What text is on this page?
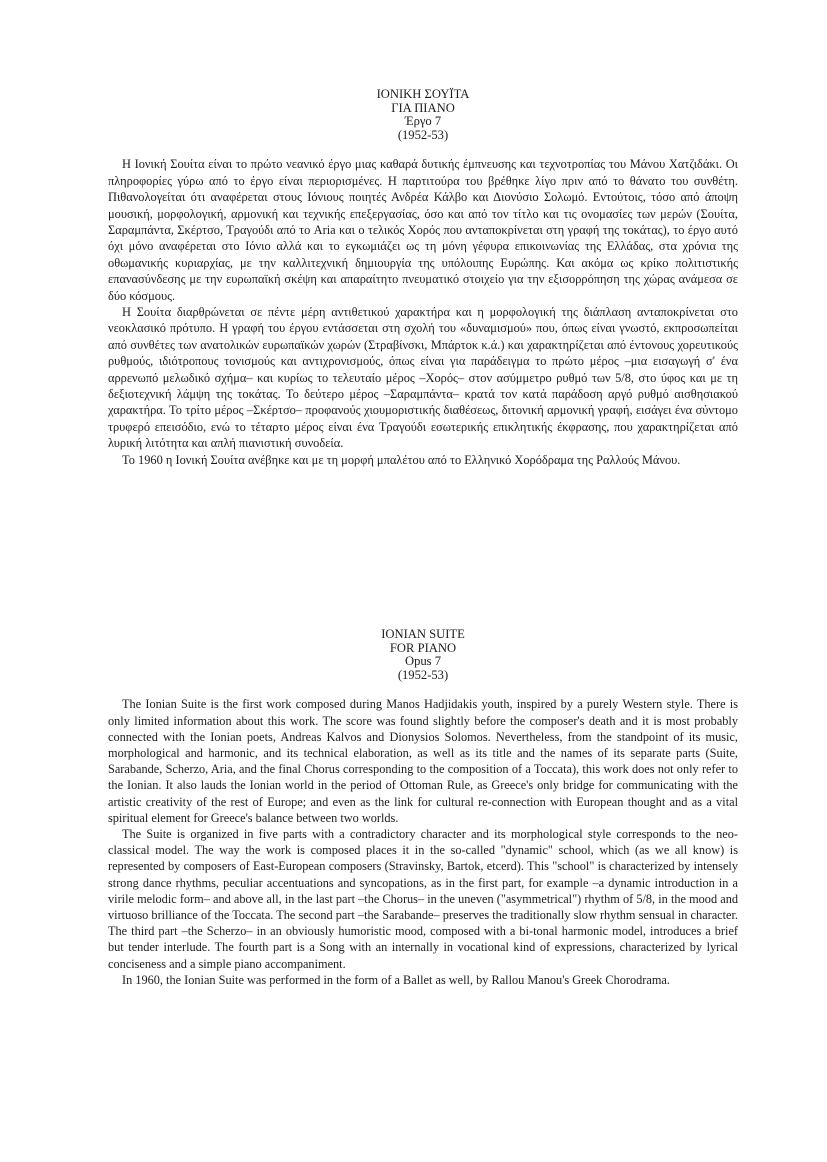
ΙΟΝΙΚΗ ΣΟΥΪΤΑ
ΓΙΑ ΠΙΑΝΟ
Έργο 7
(1952-53)

Η Ιονική Σουίτα είναι το πρώτο νεανικό έργο μιας καθαρά δυτικής έμπνευσης και τεχνοτροπίας του Μάνου Χατζιδάκι. Οι πληροφορίες γύρω από το έργο είναι περιορισμένες. Η παρτιτούρα του βρέθηκε λίγο πριν από το θάνατο του συνθέτη. Πιθανολογείται ότι αναφέρεται στους Ιόνιους ποιητές Ανδρέα Κάλβο και Διονύσιο Σολωμό. Εντούτοις, τόσο από άποψη μουσική, μορφολογική, αρμονική και τεχνικής επεξεργασίας, όσο και από τον τίτλο και τις ονομασίες των μερών (Σουίτα, Σαραμπάντα, Σκέρτσο, Τραγούδι από το Aria και ο τελικός Χορός που ανταποκρίνεται στη γραφή της τοκάτας), το έργο αυτό όχι μόνο αναφέρεται στο Ιόνιο αλλά και το εγκωμιάζει ως τη μόνη γέφυρα επικοινωνίας της Ελλάδας, στα χρόνια της οθωμανικής κυριαρχίας, με την καλλιτεχνική δημιουργία της υπόλοιπης Ευρώπης. Και ακόμα ως κρίκο πολιτιστικής επανασύνδεσης με την ευρωπαϊκή σκέψη και απαραίτητο πνευματικό στοιχείο για την εξισορρόπηση της χώρας ανάμεσα σε δύο κόσμους.

Η Σουίτα διαρθρώνεται σε πέντε μέρη αντιθετικού χαρακτήρα και η μορφολογική της διάπλαση ανταποκρίνεται στο νεοκλασικό πρότυπο. Η γραφή του έργου εντάσσεται στη σχολή του «δυναμισμού» που, όπως είναι γνωστό, εκπροσωπείται από συνθέτες των ανατολικών ευρωπαϊκών χωρών (Στραβίνσκι, Μπάρτοκ κ.ά.) και χαρακτηρίζεται από έντονους χορευτικούς ρυθμούς, ιδιότροπους τονισμούς και αντιχρονισμούς, όπως είναι για παράδειγμα το πρώτο μέρος –μια εισαγωγή σ' ένα αρρενωπό μελωδικό σχήμα– και κυρίως το τελευταίο μέρος –Χορός– στον ασύμμετρο ρυθμό των 5/8, στο ύφος και με τη δεξιοτεχνική λάμψη της τοκάτας. Το δεύτερο μέρος –Σαραμπάντα– κρατά τον κατά παράδοση αργό ρυθμό αισθησιακού χαρακτήρα. Το τρίτο μέρος –Σκέρτσο– προφανούς χιουμοριστικής διαθέσεως, διτονική αρμονική γραφή, εισάγει ένα σύντομο τρυφερό επεισόδιο, ενώ το τέταρτο μέρος είναι ένα Τραγούδι εσωτερικής επικλητικής έκφρασης, που χαρακτηρίζεται από λυρική λιτότητα και απλή πιανιστική συνοδεία.

Το 1960 η Ιονική Σουίτα ανέβηκε και με τη μορφή μπαλέτου από το Ελληνικό Χορόδραμα της Ραλλούς Μάνου.

IONIAN SUITE
FOR PIANO
Opus 7
(1952-53)

The Ionian Suite is the first work composed during Manos Hadjidakis youth, inspired by a purely Western style. There is only limited information about this work. The score was found slightly before the composer's death and it is most probably connected with the Ionian poets, Andreas Kalvos and Dionysios Solomos. Nevertheless, from the standpoint of its music, morphological and harmonic, and its technical elaboration, as well as its title and the names of its separate parts (Suite, Sarabande, Scherzo, Aria, and the final Chorus corresponding to the composition of a Toccata), this work does not only refer to the Ionian. It also lauds the Ionian world in the period of Ottoman Rule, as Greece's only bridge for communicating with the artistic creativity of the rest of Europe; and even as the link for cultural re-connection with European thought and as a vital spiritual element for Greece's balance between two worlds.

The Suite is organized in five parts with a contradictory character and its morphological style corresponds to the neo-classical model. The way the work is composed places it in the so-called "dynamic" school, which (as we all know) is represented by composers of East-European composers (Stravinsky, Bartok, etcerd). This "school" is characterized by intensely strong dance rhythms, peculiar accentuations and syncopations, as in the first part, for example –a dynamic introduction in a virile melodic form– and above all, in the last part –the Chorus– in the uneven ("asymmetrical") rhythm of 5/8, in the mood and virtuoso brilliance of the Toccata. The second part –the Sarabande– preserves the traditionally slow rhythm sensual in character. The third part –the Scherzo– in an obviously humoristic mood, composed with a bi-tonal harmonic model, introduces a brief but tender interlude. The fourth part is a Song with an internally in vocational kind of expressions, characterized by lyrical conciseness and a simple piano accompaniment.

In 1960, the Ionian Suite was performed in the form of a Ballet as well, by Rallou Manou's Greek Chorodrama.
